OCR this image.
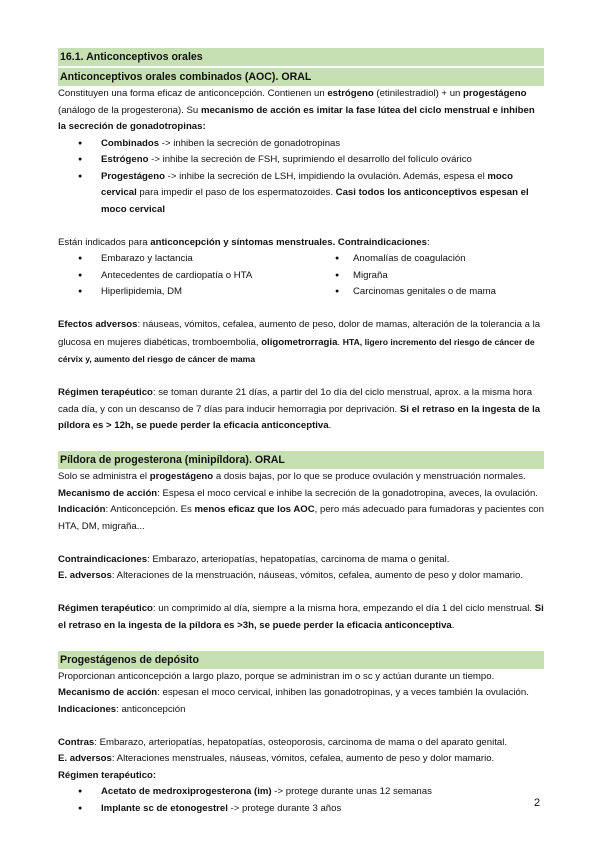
16.1. Anticonceptivos orales
Anticonceptivos orales combinados (AOC). ORAL

Constituyen una forma eficaz de anticoncepción. Contienen un estrógeno (etinilestradiol) + un progestágeno (análogo de la progesterona). Su mecanismo de acción es imitar la fase lútea del ciclo menstrual e inhiben la secreción de gonadotropinas:

● Combinados -> inhiben la secreción de gonadotropinas
● Estrógeno -> inhibe la secreción de FSH, suprimiendo el desarrollo del folículo ovárico
● Progestágeno -> inhibe la secreción de LSH, impidiendo la ovulación. Además, espesa el moco cervical para impedir el paso de los espermatozoides. Casi todos los anticonceptivos espesan el moco cervical

Están indicados para anticoncepción y síntomas menstruales. Contraindicaciones:

● Embarazo y lactancia
● Antecedentes de cardiopatía o HTA
● Hiperlipidemia, DM
● Anomalías de coagulación
● Migraña
● Carcinomas genitales o de mama

Efectos adversos: náuseas, vómitos, cefalea, aumento de peso, dolor de mamas, alteración de la tolerancia a la glucosa en mujeres diabéticas, tromboembolia, oligometrorragia. HTA, ligero incremento del riesgo de cáncer de cérvix y, aumento del riesgo de cáncer de mama

Régimen terapéutico: se toman durante 21 días, a partir del 1o día del ciclo menstrual, aprox. a la misma hora cada día, y con un descanso de 7 días para inducir hemorragia por deprivación. Si el retraso en la ingesta de la píldora es > 12h, se puede perder la eficacia anticonceptiva.

Píldora de progesterona (minipíldora). ORAL

Solo se administra el progestágeno a dosis bajas, por lo que se produce ovulación y menstruación normales.

Mecanismo de acción: Espesa el moco cervical e inhibe la secreción de la gonadotropina, aveces, la ovulación.

Indicación: Anticoncepción. Es menos eficaz que los AOC, pero más adecuado para fumadoras y pacientes con HTA, DM, migraña...

Contraindicaciones: Embarazo, arteriopatías, hepatopatías, carcinoma de mama o genital.

E. adversos: Alteraciones de la menstruación, náuseas, vómitos, cefalea, aumento de peso y dolor mamario.

Régimen terapéutico: un comprimido al día, siempre a la misma hora, empezando el día 1 del ciclo menstrual. Si el retraso en la ingesta de la píldora es >3h, se puede perder la eficacia anticonceptiva.

Progestágenos de depósito

Proporcionan anticoncepción a largo plazo, porque se administran im o sc y actúan durante un tiempo.

Mecanismo de acción: espesan el moco cervical, inhiben las gonadotropinas, y a veces también la ovulación. Indicaciones: anticoncepción

Contras: Embarazo, arteriopatías, hepatopatías, osteoporosis, carcinoma de mama o del aparato genital.

E. adversos: Alteraciones menstruales, náuseas, vómitos, cefalea, aumento de peso y dolor mamario.

Régimen terapéutico:

● Acetato de medroxiprogesterona (im) -> protege durante unas 12 semanas
● Implante sc de etonogestrel -> protege durante 3 años	2
